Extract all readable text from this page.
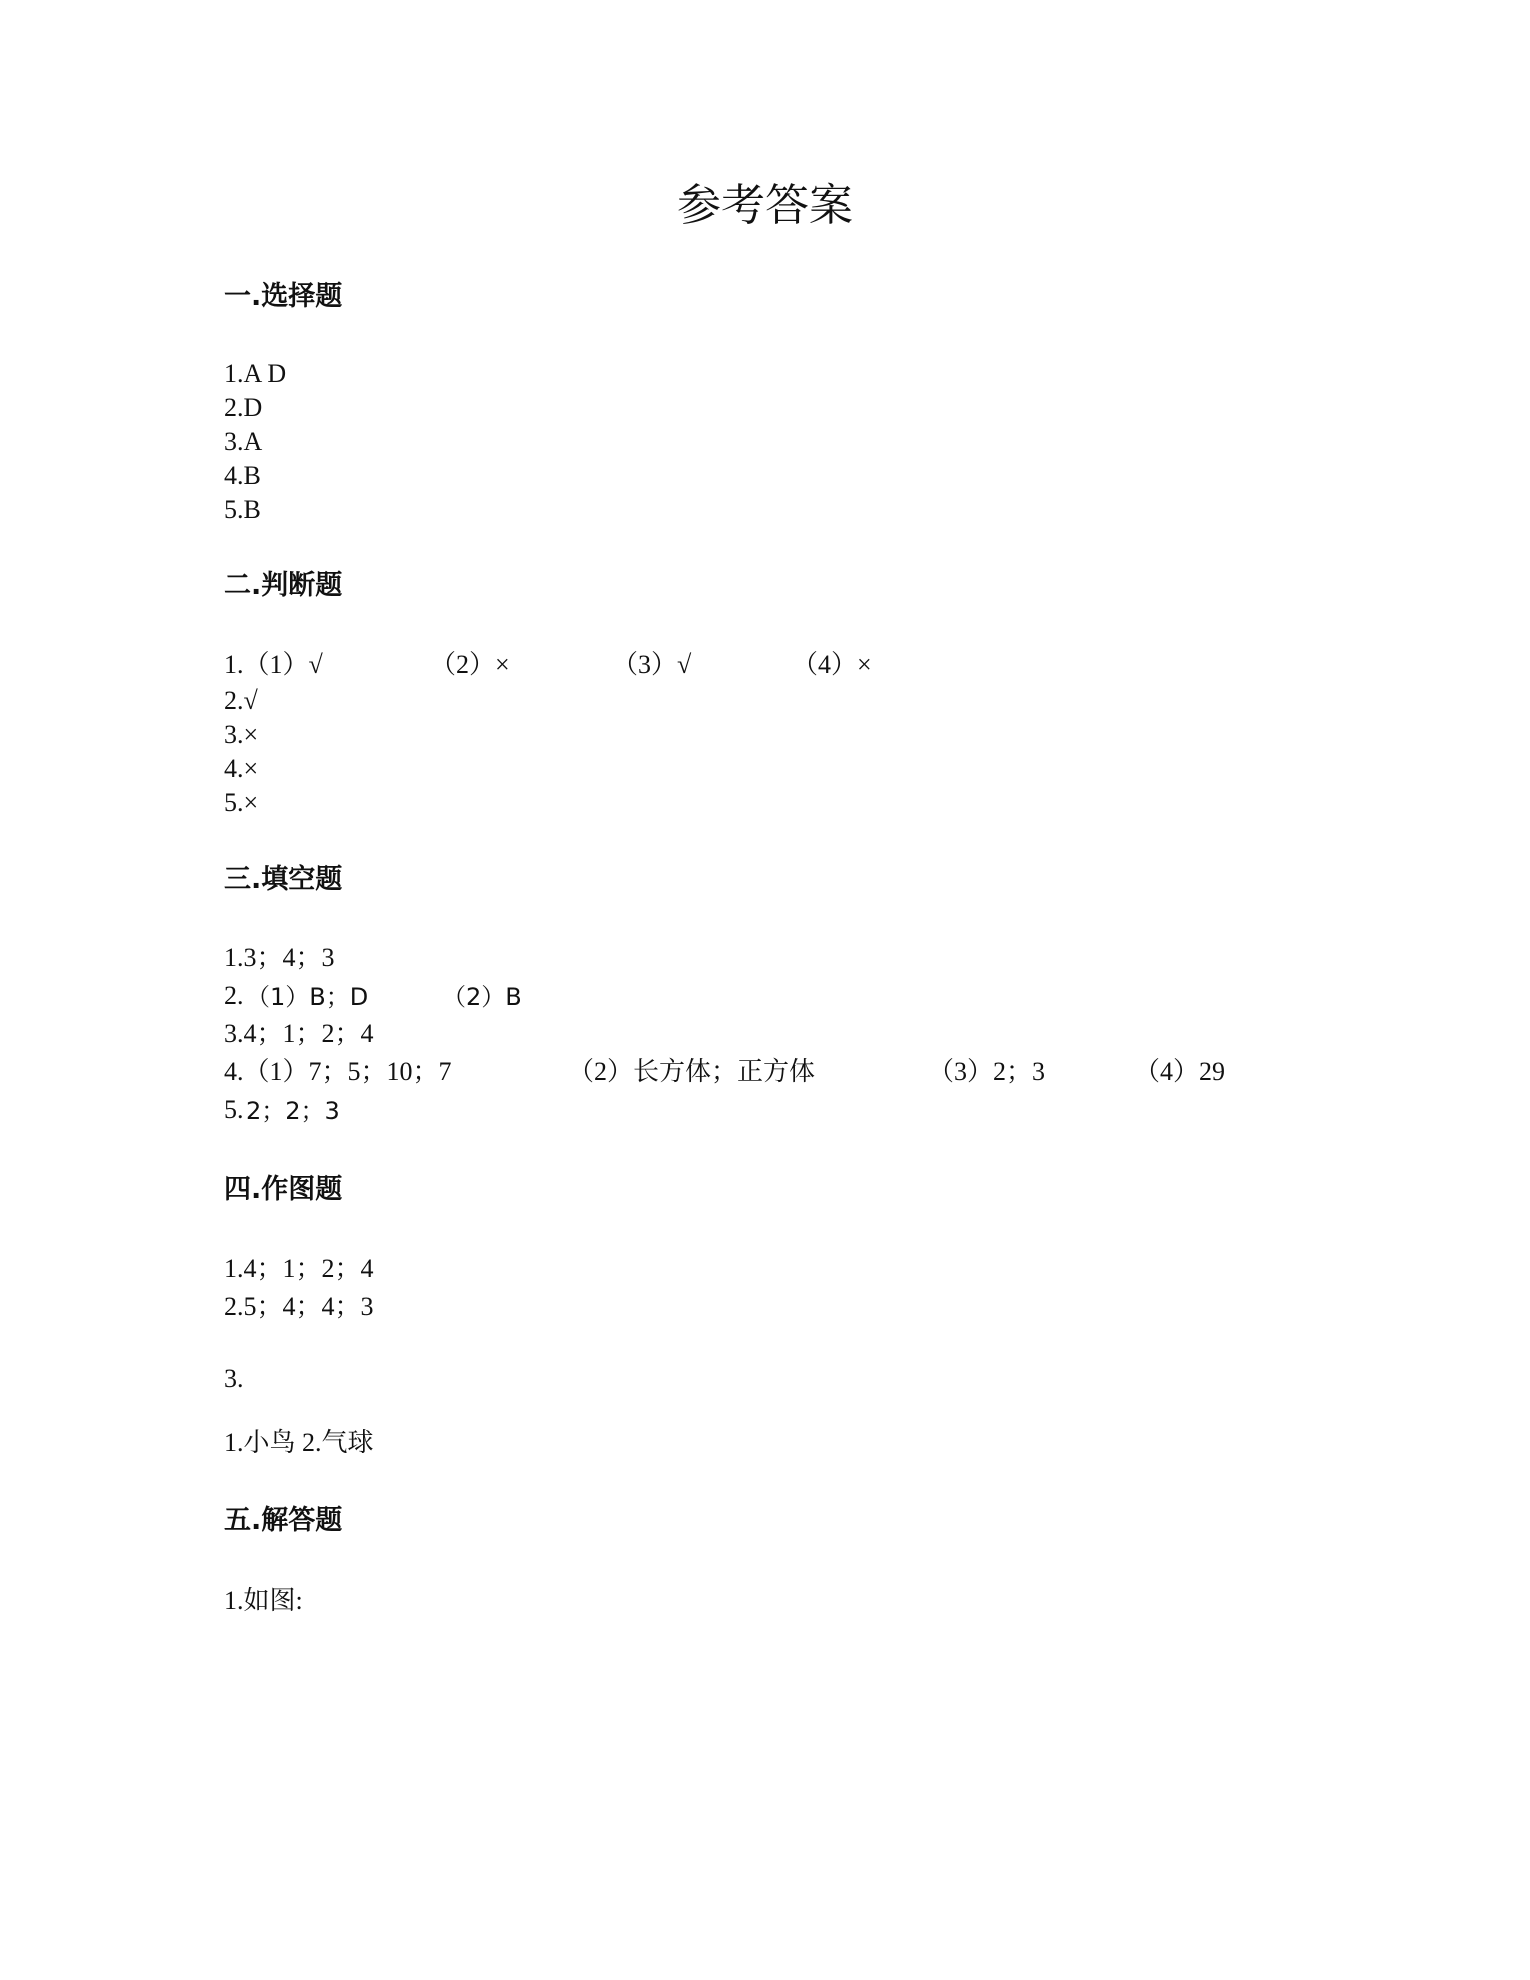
参考答案
一.选择题
1.A D
2.D
3.A
4.B
5.B
二.判断题
1.（1）√	（2）×	（3）√	（4）×
2.√
3.×
4.×
5.×
三.填空题
1.3；4；3
2. （1）B；D	（2）B
3.4；1；2；4
4.（1）7；5；10；7	（2）长方体；正方体	（3）2；3	（4）29
5. 2；2；3
四.作图题
1.4；1；2；4
2.5；4；4；3
3.
1.小鸟 2.气球
五.解答题
1.如图:
